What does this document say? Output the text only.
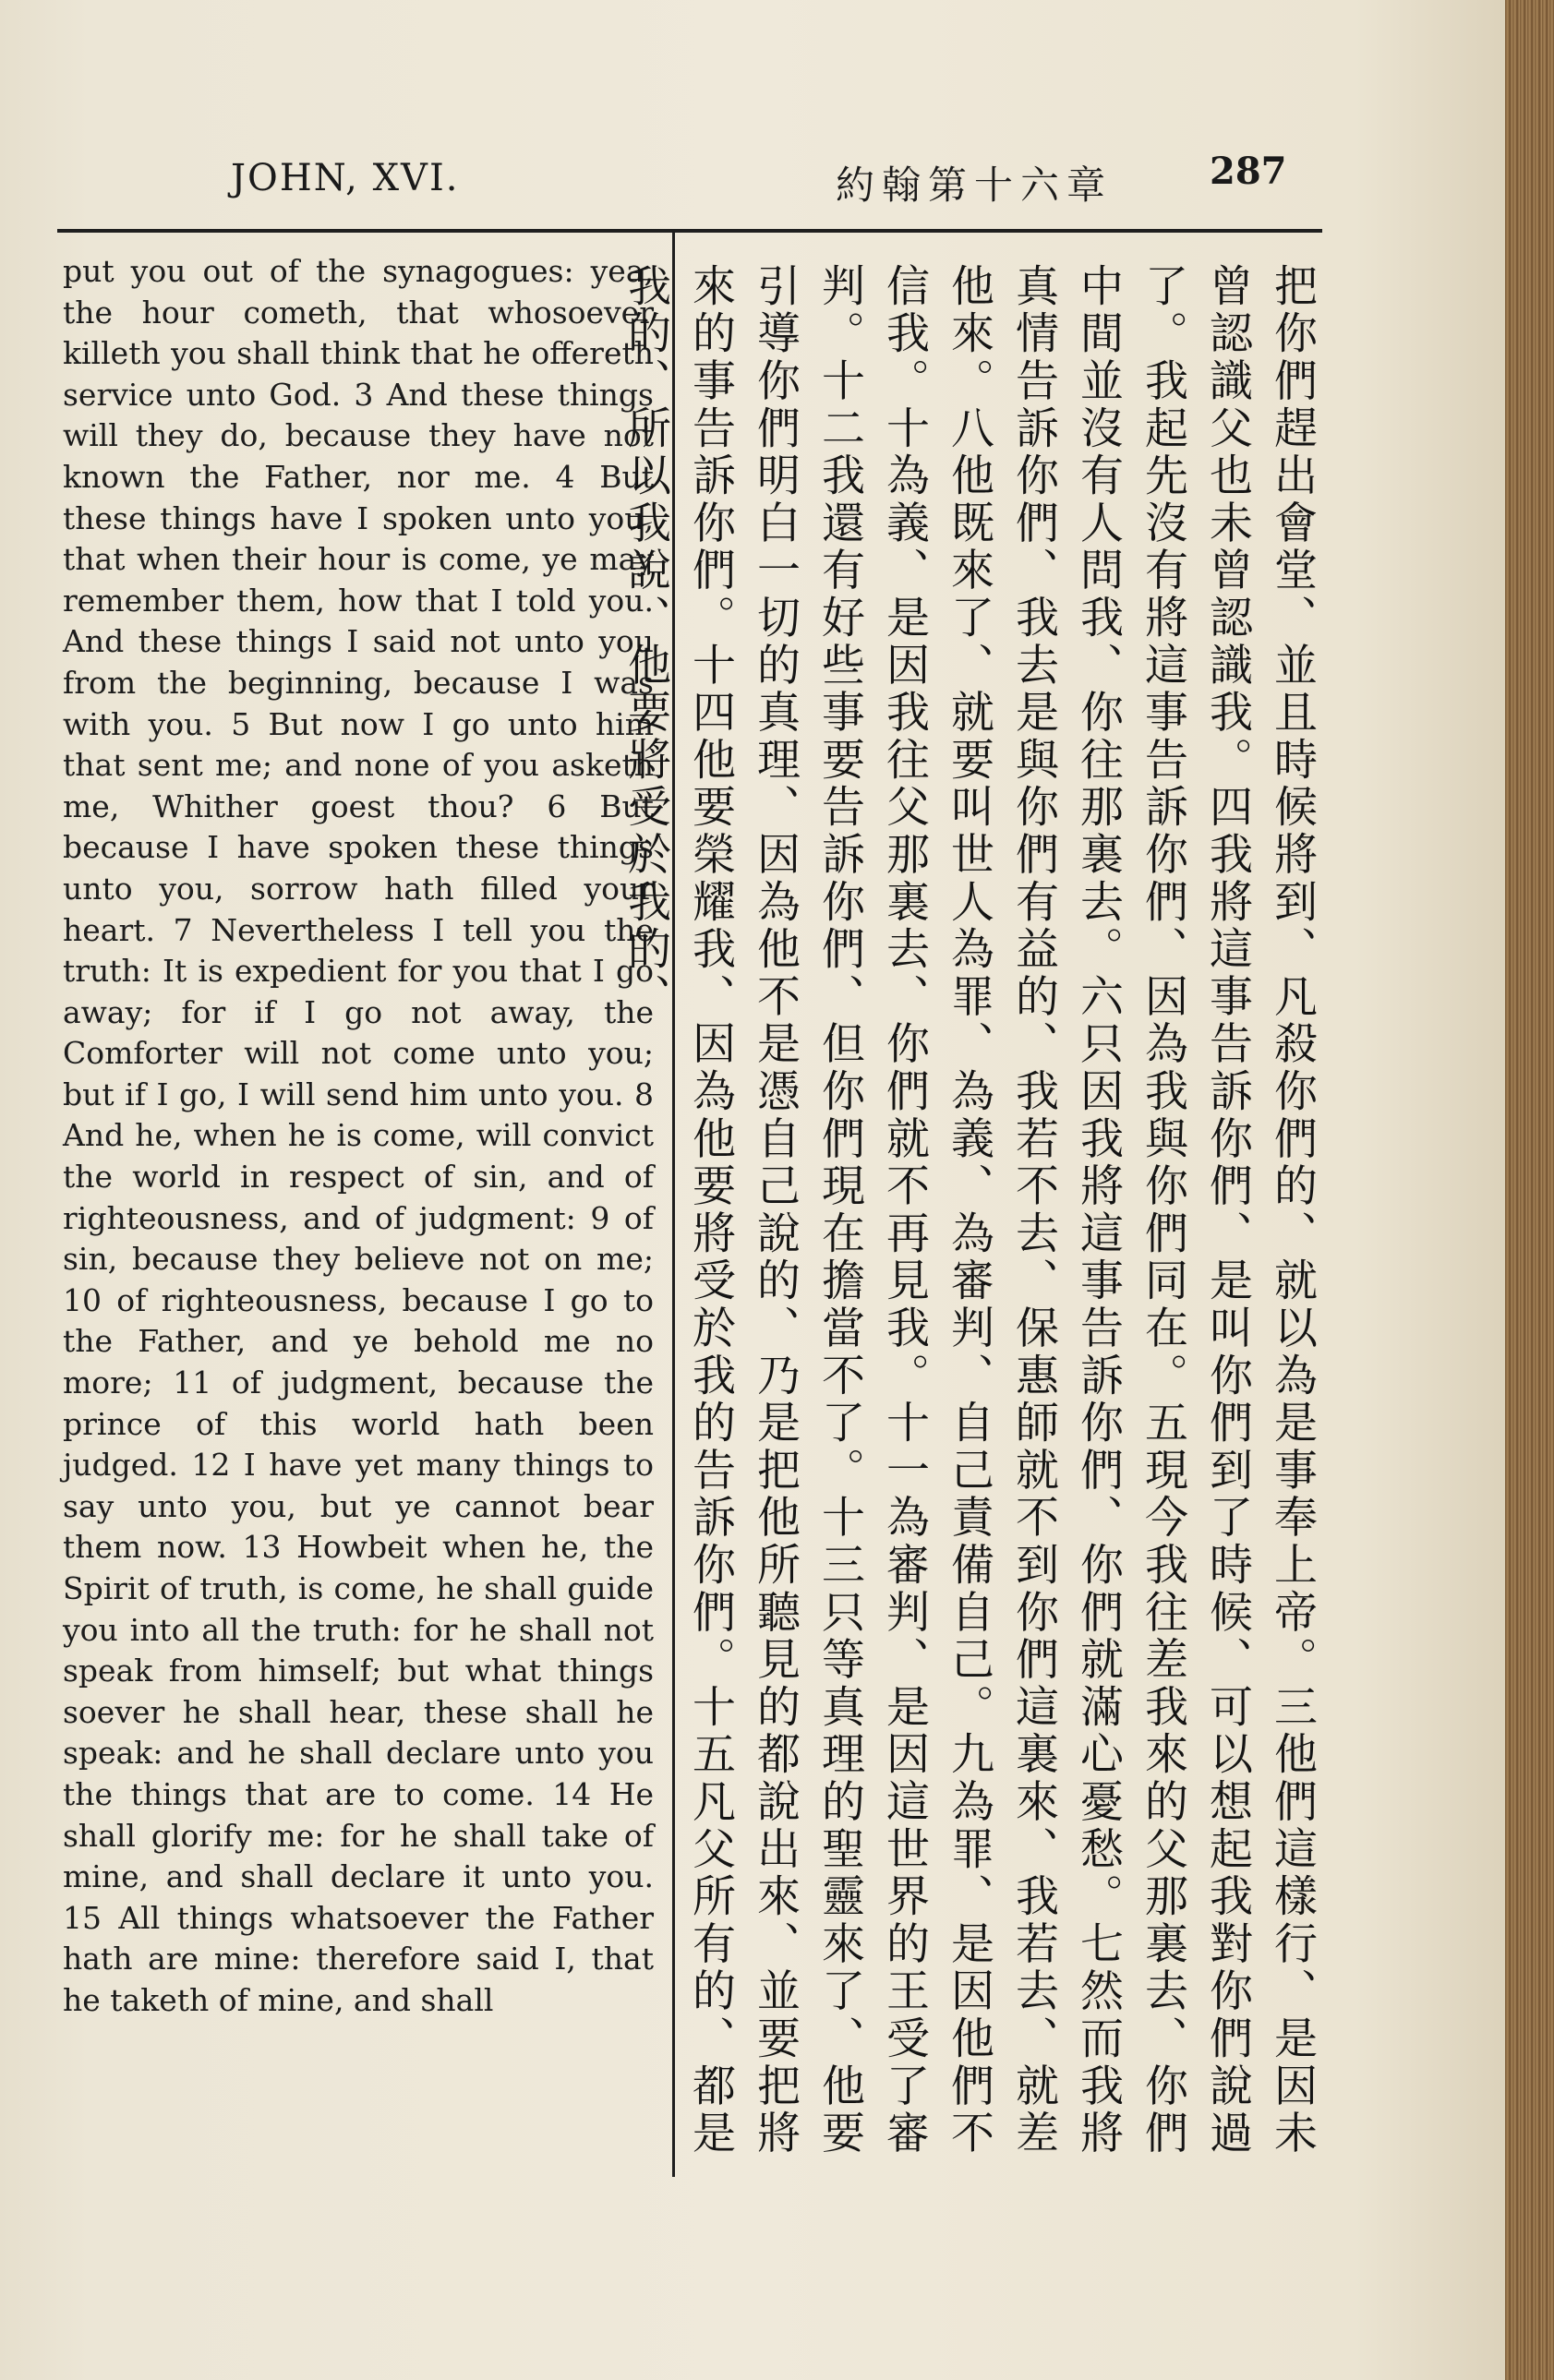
JOHN, XVI.	約翰第十六章	287

put you out of the synagogues: yea, the hour cometh, that whosoever killeth you shall think that he offereth service unto God. 3 And these things will they do, because they have not known the Father, nor me. 4 But these things have I spoken unto you, that when their hour is come, ye may remember them, how that I told you. And these things I said not unto you from the beginning, because I was with you. 5 But now I go unto him that sent me; and none of you asketh me, Whither goest thou? 6 But because I have spoken these things unto you, sorrow hath filled your heart. 7 Nevertheless I tell you the truth: It is expedient for you that I go away; for if I go not away, the Comforter will not come unto you; but if I go, I will send him unto you. 8 And he, when he is come, will convict the world in respect of sin, and of righteousness, and of judgment: 9 of sin, because they believe not on me; 10 of righteousness, because I go to the Father, and ye behold me no more; 11 of judgment, because the prince of this world hath been judged. 12 I have yet many things to say unto you, but ye cannot bear them now. 13 Howbeit when he, the Spirit of truth, is come, he shall guide you into all the truth: for he shall not speak from himself; but what things soever he shall hear, these shall he speak: and he shall declare unto you the things that are to come. 14 He shall glorify me: for he shall take of mine, and shall declare it unto you. 15 All things whatsoever the Father hath are mine: therefore said I, that he taketh of mine, and shall	把你們趕出會堂、並且時候將到、凡殺你們的、就以為是事奉上帝。三他們這樣行、是因未曾認識父也未曾認識我。四我將這事告訴你們、是叫你們到了時候、可以想起我對你們說過了。我起先沒有將這事告訴你們、因為我與你們同在。五現今我往差我來的父那裏去、你們中間並沒有人問我、你往那裏去。六只因我將這事告訴你們、你們就滿心憂愁。七然而我將真情告訴你們、我去是與你們有益的、我若不去、保惠師就不到你們這裏來、我若去、就差他來。八他既來了、就要叫世人為罪、為義、為審判、自己責備自己。九為罪、是因他們不信我。十為義、是因我往父那裏去、你們就不再見我。十一為審判、是因這世界的王受了審判。十二我還有好些事要告訴你們、但你們現在擔當不了。十三只等真理的聖靈來了、他要引導你們明白一切的真理、因為他不是憑自己說的、乃是把他所聽見的都說出來、並要把將來的事告訴你們。十四他要榮耀我、因為他要將受於我的告訴你們。十五凡父所有的、都是我的、所以我說、他要將受於我的、
